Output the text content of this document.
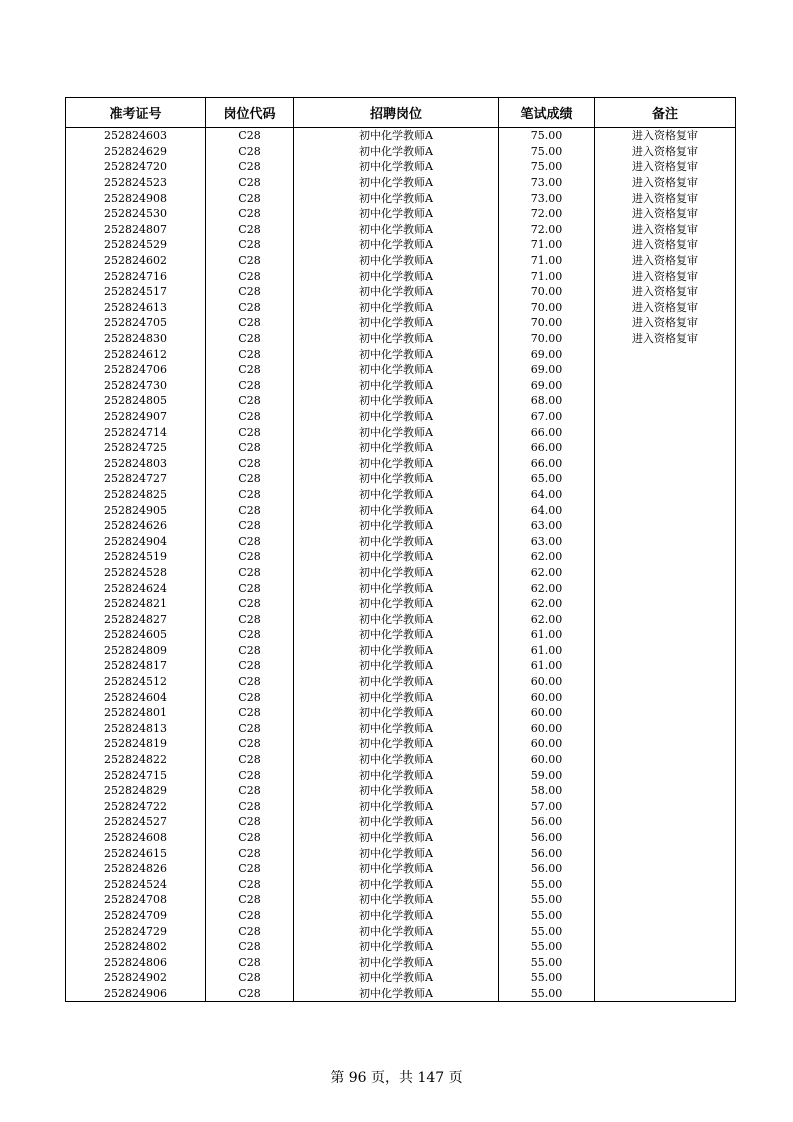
准考证号	岗位代码	招聘岗位	笔试成绩	备注
252824603	C28	初中化学教师A	75.00	进入资格复审
252824629	C28	初中化学教师A	75.00	进入资格复审
252824720	C28	初中化学教师A	75.00	进入资格复审
252824523	C28	初中化学教师A	73.00	进入资格复审
252824908	C28	初中化学教师A	73.00	进入资格复审
252824530	C28	初中化学教师A	72.00	进入资格复审
252824807	C28	初中化学教师A	72.00	进入资格复审
252824529	C28	初中化学教师A	71.00	进入资格复审
252824602	C28	初中化学教师A	71.00	进入资格复审
252824716	C28	初中化学教师A	71.00	进入资格复审
252824517	C28	初中化学教师A	70.00	进入资格复审
252824613	C28	初中化学教师A	70.00	进入资格复审
252824705	C28	初中化学教师A	70.00	进入资格复审
252824830	C28	初中化学教师A	70.00	进入资格复审
252824612	C28	初中化学教师A	69.00	
252824706	C28	初中化学教师A	69.00	
252824730	C28	初中化学教师A	69.00	
252824805	C28	初中化学教师A	68.00	
252824907	C28	初中化学教师A	67.00	
252824714	C28	初中化学教师A	66.00	
252824725	C28	初中化学教师A	66.00	
252824803	C28	初中化学教师A	66.00	
252824727	C28	初中化学教师A	65.00	
252824825	C28	初中化学教师A	64.00	
252824905	C28	初中化学教师A	64.00	
252824626	C28	初中化学教师A	63.00	
252824904	C28	初中化学教师A	63.00	
252824519	C28	初中化学教师A	62.00	
252824528	C28	初中化学教师A	62.00	
252824624	C28	初中化学教师A	62.00	
252824821	C28	初中化学教师A	62.00	
252824827	C28	初中化学教师A	62.00	
252824605	C28	初中化学教师A	61.00	
252824809	C28	初中化学教师A	61.00	
252824817	C28	初中化学教师A	61.00	
252824512	C28	初中化学教师A	60.00	
252824604	C28	初中化学教师A	60.00	
252824801	C28	初中化学教师A	60.00	
252824813	C28	初中化学教师A	60.00	
252824819	C28	初中化学教师A	60.00	
252824822	C28	初中化学教师A	60.00	
252824715	C28	初中化学教师A	59.00	
252824829	C28	初中化学教师A	58.00	
252824722	C28	初中化学教师A	57.00	
252824527	C28	初中化学教师A	56.00	
252824608	C28	初中化学教师A	56.00	
252824615	C28	初中化学教师A	56.00	
252824826	C28	初中化学教师A	56.00	
252824524	C28	初中化学教师A	55.00	
252824708	C28	初中化学教师A	55.00	
252824709	C28	初中化学教师A	55.00	
252824729	C28	初中化学教师A	55.00	
252824802	C28	初中化学教师A	55.00	
252824806	C28	初中化学教师A	55.00	
252824902	C28	初中化学教师A	55.00	
252824906	C28	初中化学教师A	55.00	
第 96 页，共 147 页
